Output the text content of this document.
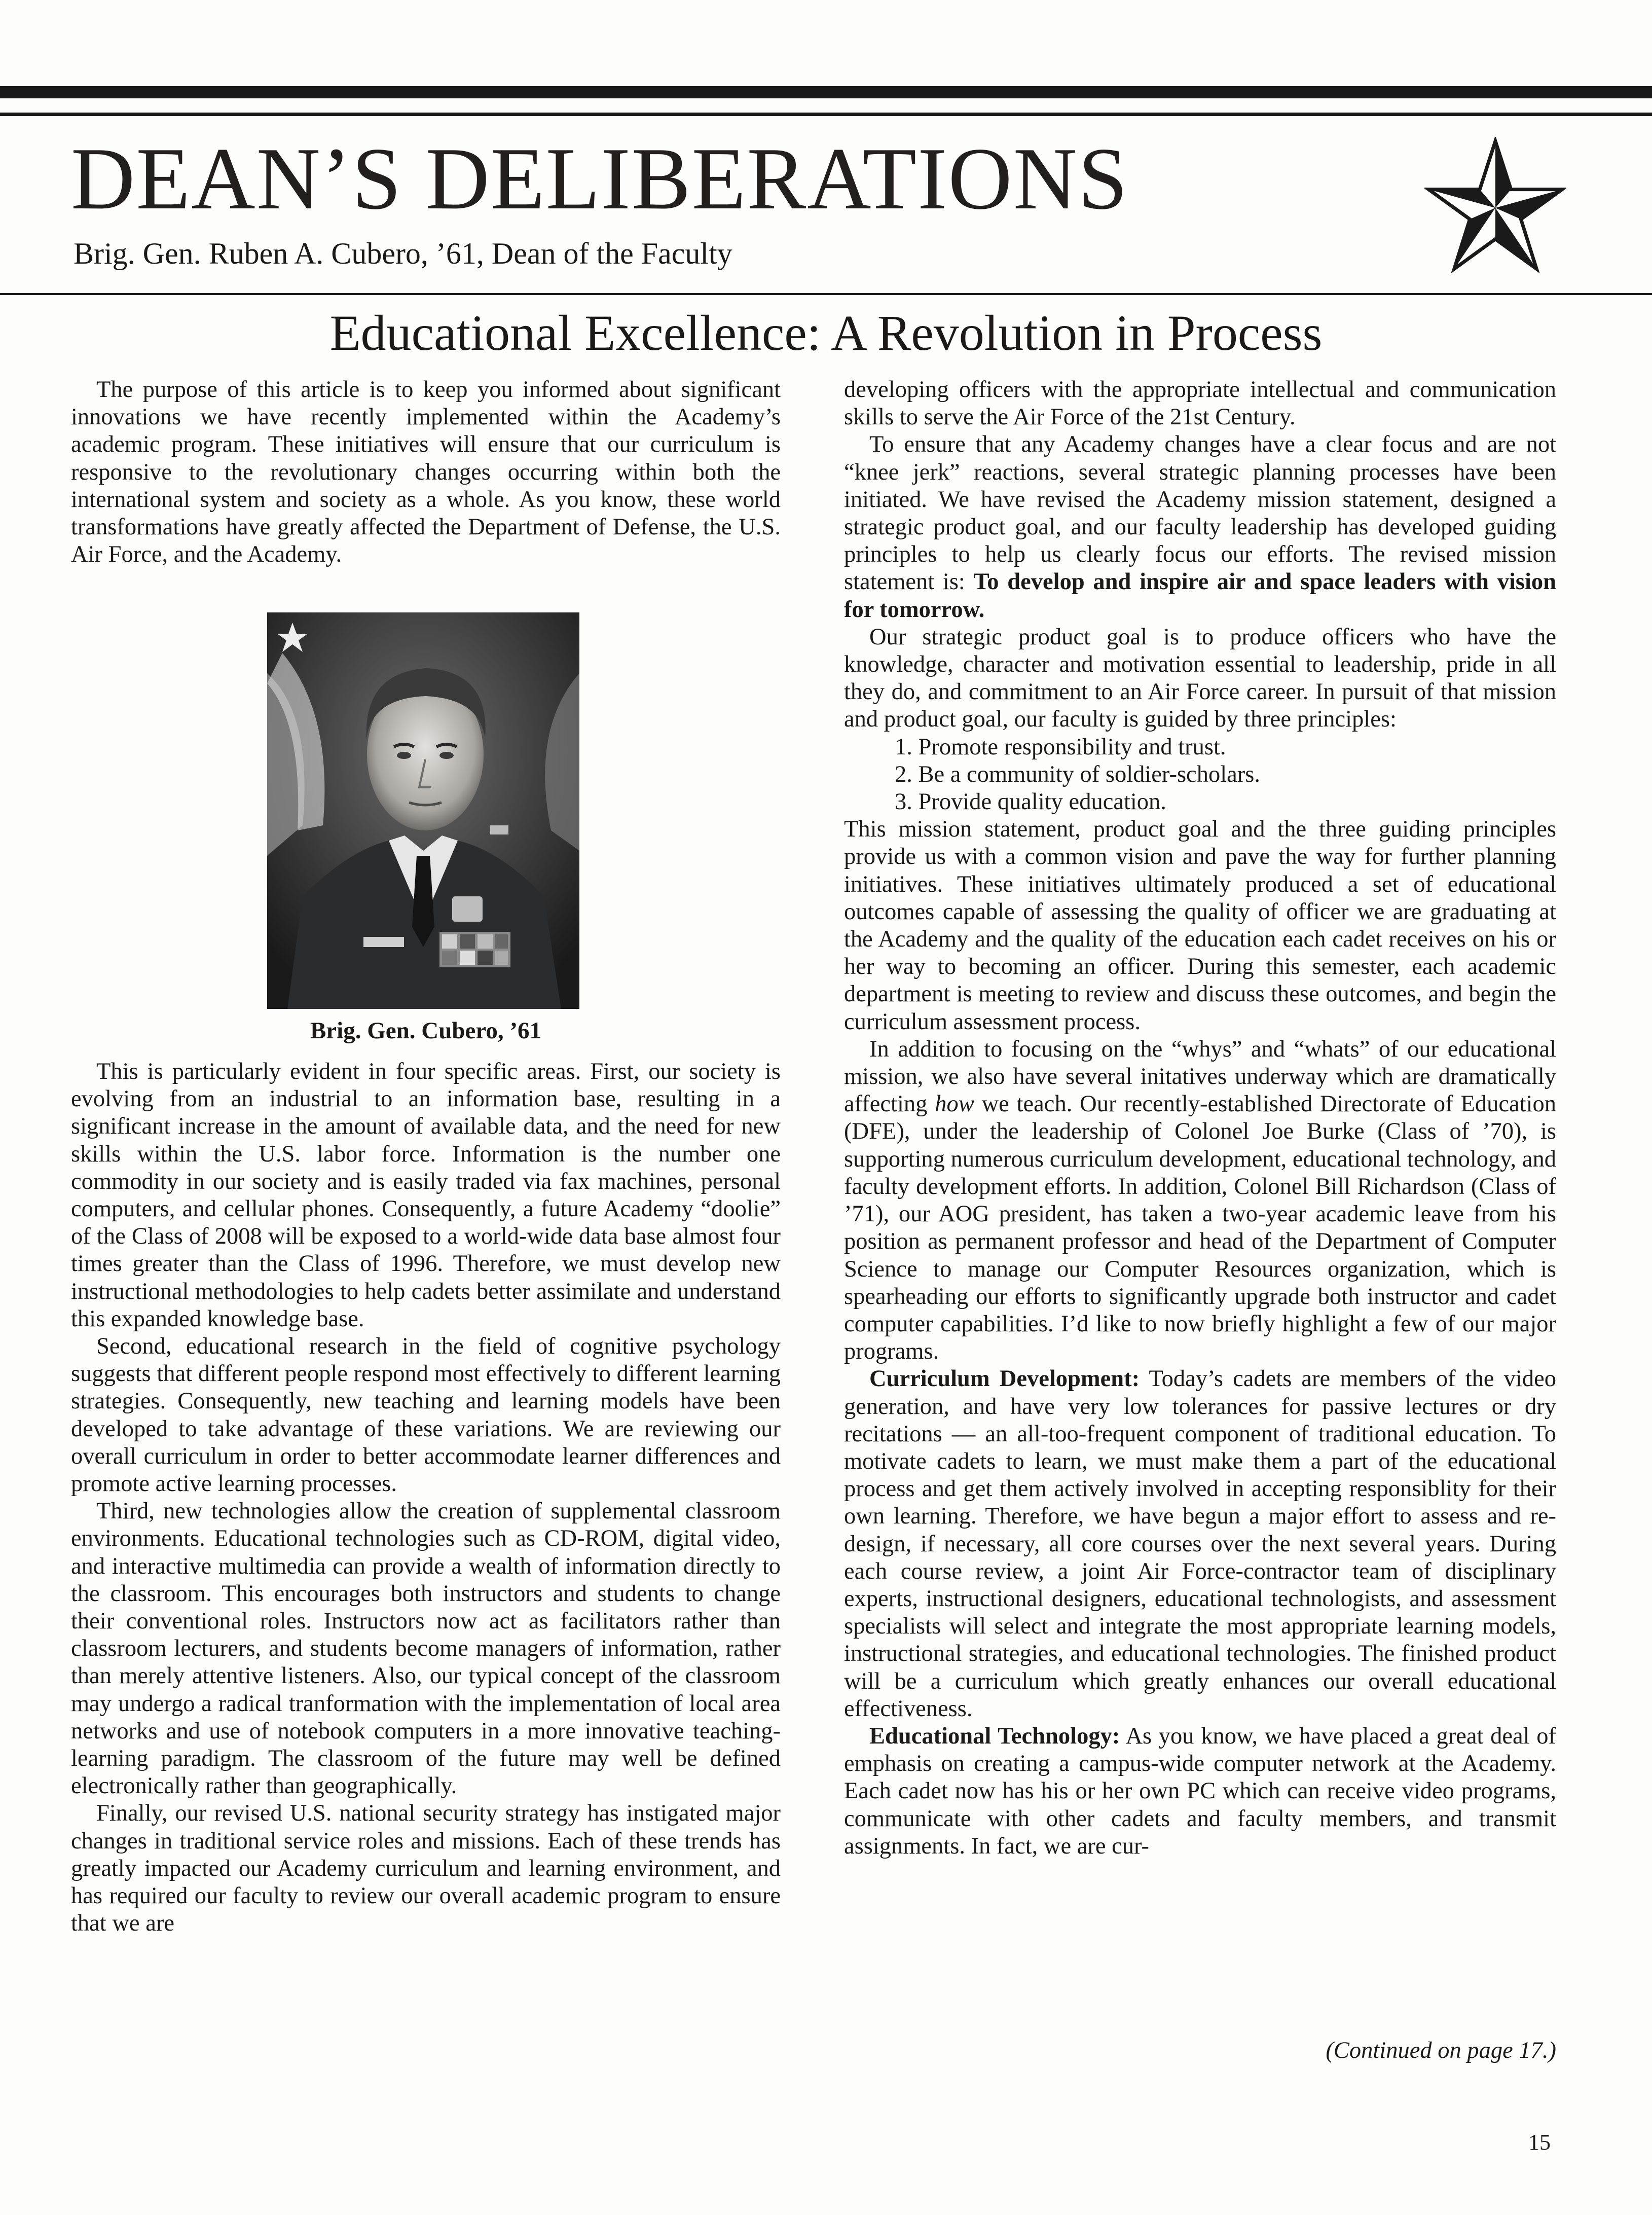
DEAN’S DELIBERATIONS
Brig. Gen. Ruben A. Cubero, ’61, Dean of the Faculty
Educational Excellence: A Revolution in Process

The purpose of this article is to keep you informed about significant innovations we have recently implemented within the Academy’s academic program. These initiatives will ensure that our curriculum is responsive to the revolutionary changes occurring within both the international system and society as a whole. As you know, these world transformations have greatly affected the Department of Defense, the U.S. Air Force, and the Academy.

Brig. Gen. Cubero, ’61

This is particularly evident in four specific areas. First, our society is evolving from an industrial to an information base, resulting in a significant increase in the amount of available data, and the need for new skills within the U.S. labor force. Information is the number one commodity in our society and is easily traded via fax machines, personal computers, and cellular phones. Consequently, a future Academy “doolie” of the Class of 2008 will be exposed to a world-wide data base almost four times greater than the Class of 1996. Therefore, we must develop new instructional methodologies to help cadets better assimilate and understand this expanded knowledge base.

Second, educational research in the field of cognitive psychology suggests that different people respond most effectively to different learning strategies. Consequently, new teaching and learning models have been developed to take advantage of these variations. We are reviewing our overall curriculum in order to better accommodate learner differences and promote active learning processes.

Third, new technologies allow the creation of supplemental classroom environments. Educational technologies such as CD-ROM, digital video, and interactive multimedia can provide a wealth of information directly to the classroom. This encourages both instructors and students to change their conventional roles. Instructors now act as facilitators rather than classroom lecturers, and students become managers of information, rather than merely attentive listeners. Also, our typical concept of the classroom may undergo a radical tranformation with the implementation of local area networks and use of notebook computers in a more innovative teaching-learning paradigm. The classroom of the future may well be defined electronically rather than geographically.

Finally, our revised U.S. national security strategy has instigated major changes in traditional service roles and missions. Each of these trends has greatly impacted our Academy curriculum and learning environment, and has required our faculty to review our overall academic program to ensure that we are

developing officers with the appropriate intellectual and communication skills to serve the Air Force of the 21st Century.

To ensure that any Academy changes have a clear focus and are not “knee jerk” reactions, several strategic planning processes have been initiated. We have revised the Academy mission statement, designed a strategic product goal, and our faculty leadership has developed guiding principles to help us clearly focus our efforts. The revised mission statement is: To develop and inspire air and space leaders with vision for tomorrow.

Our strategic product goal is to produce officers who have the knowledge, character and motivation essential to leadership, pride in all they do, and commitment to an Air Force career. In pursuit of that mission and product goal, our faculty is guided by three principles:

1. Promote responsibility and trust.
2. Be a community of soldier-scholars.
3. Provide quality education.

This mission statement, product goal and the three guiding principles provide us with a common vision and pave the way for further planning initiatives. These initiatives ultimately produced a set of educational outcomes capable of assessing the quality of officer we are graduating at the Academy and the quality of the education each cadet receives on his or her way to becoming an officer. During this semester, each academic department is meeting to review and discuss these outcomes, and begin the curriculum assessment process.

In addition to focusing on the “whys” and “whats” of our educational mission, we also have several initatives underway which are dramatically affecting how we teach. Our recently-established Directorate of Education (DFE), under the leadership of Colonel Joe Burke (Class of ’70), is supporting numerous curriculum development, educational technology, and faculty development efforts. In addition, Colonel Bill Richardson (Class of ’71), our AOG president, has taken a two-year academic leave from his position as permanent professor and head of the Department of Computer Science to manage our Computer Resources organization, which is spearheading our efforts to significantly upgrade both instructor and cadet computer capabilities. I’d like to now briefly highlight a few of our major programs.

Curriculum Development: Today’s cadets are members of the video generation, and have very low tolerances for passive lectures or dry recitations — an all-too-frequent component of traditional education. To motivate cadets to learn, we must make them a part of the educational process and get them actively involved in accepting responsiblity for their own learning. Therefore, we have begun a major effort to assess and re-design, if necessary, all core courses over the next several years. During each course review, a joint Air Force-contractor team of disciplinary experts, instructional designers, educational technologists, and assessment specialists will select and integrate the most appropriate learning models, instructional strategies, and educational technologies. The finished product will be a curriculum which greatly enhances our overall educational effectiveness.

Educational Technology: As you know, we have placed a great deal of emphasis on creating a campus-wide computer network at the Academy. Each cadet now has his or her own PC which can receive video programs, communicate with other cadets and faculty members, and transmit assignments. In fact, we are cur-

(Continued on page 17.)
15
